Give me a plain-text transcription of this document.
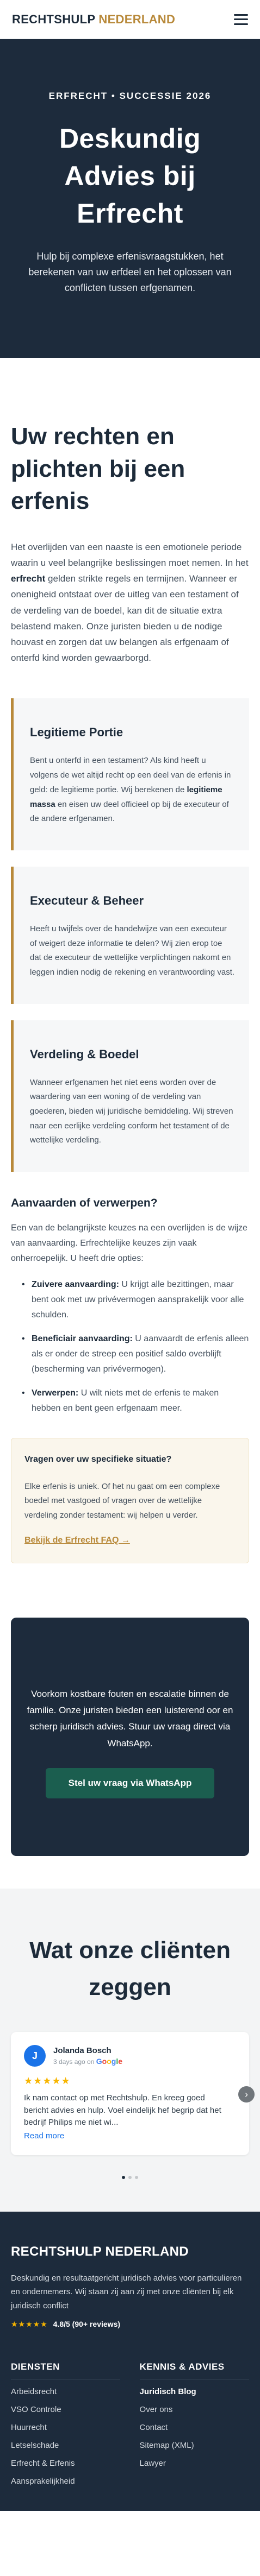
RECHTSHULP NEDERLAND
ERFRECHT • SUCCESSIE 2026
Deskundig Advies bij Erfrecht

Hulp bij complexe erfenisvraagstukken, het berekenen van uw erfdeel en het oplossen van conflicten tussen erfgenamen.

Uw rechten en plichten bij een erfenis

Het overlijden van een naaste is een emotionele periode waarin u veel belangrijke beslissingen moet nemen. In het erfrecht gelden strikte regels en termijnen. Wanneer er onenigheid ontstaat over de uitleg van een testament of de verdeling van de boedel, kan dit de situatie extra belastend maken. Onze juristen bieden u de nodige houvast en zorgen dat uw belangen als erfgenaam of onterfd kind worden gewaarborgd.

Legitieme Portie

Bent u onterfd in een testament? Als kind heeft u volgens de wet altijd recht op een deel van de erfenis in geld: de legitieme portie. Wij berekenen de legitieme massa en eisen uw deel officieel op bij de executeur of de andere erfgenamen.

Executeur & Beheer

Heeft u twijfels over de handelwijze van een executeur of weigert deze informatie te delen? Wij zien erop toe dat de executeur de wettelijke verplichtingen nakomt en leggen indien nodig de rekening en verantwoording vast.

Verdeling & Boedel

Wanneer erfgenamen het niet eens worden over de waardering van een woning of de verdeling van goederen, bieden wij juridische bemiddeling. Wij streven naar een eerlijke verdeling conform het testament of de wettelijke verdeling.

Aanvaarden of verwerpen?

Een van de belangrijkste keuzes na een overlijden is de wijze van aanvaarding. Erfrechtelijke keuzes zijn vaak onherroepelijk. U heeft drie opties:

• Zuivere aanvaarding: U krijgt alle bezittingen, maar bent ook met uw privévermogen aansprakelijk voor alle schulden.
• Beneficiair aanvaarding: U aanvaardt de erfenis alleen als er onder de streep een positief saldo overblijft (bescherming van privévermogen).
• Verwerpen: U wilt niets met de erfenis te maken hebben en bent geen erfgenaam meer.
Vragen over uw specifieke situatie?

Elke erfenis is uniek. Of het nu gaat om een complexe boedel met vastgoed of vragen over de wettelijke verdeling zonder testament: wij helpen u verder.

Bekijk de Erfrecht FAQ →

Voorkom kostbare fouten en escalatie binnen de familie. Onze juristen bieden een luisterend oor en scherp juridisch advies. Stuur uw vraag direct via WhatsApp.

Stel uw vraag via WhatsApp
Wat onze cliënten zeggen
J	Jolanda Bosch
3 days ago on Google
★★★★★
Ik nam contact op met Rechtshulp. En kreeg goed bericht advies en hulp. Voel eindelijk hef begrip dat het bedrijf Philips me niet wi...
Read more
›
RECHTSHULP NEDERLAND

Deskundig en resultaatgericht juridisch advies voor particulieren en ondernemers. Wij staan zij aan zij met onze cliënten bij elk juridisch conflict

★★★★★ 4.8/5 (90+ reviews)
DIENSTEN
Arbeidsrecht
VSO Controle
Huurrecht
Letselschade
Erfrecht & Erfenis
Aansprakelijkheid
KENNIS & ADVIES
Juridisch Blog
Over ons
Contact
Sitemap (XML)
Lawyer
